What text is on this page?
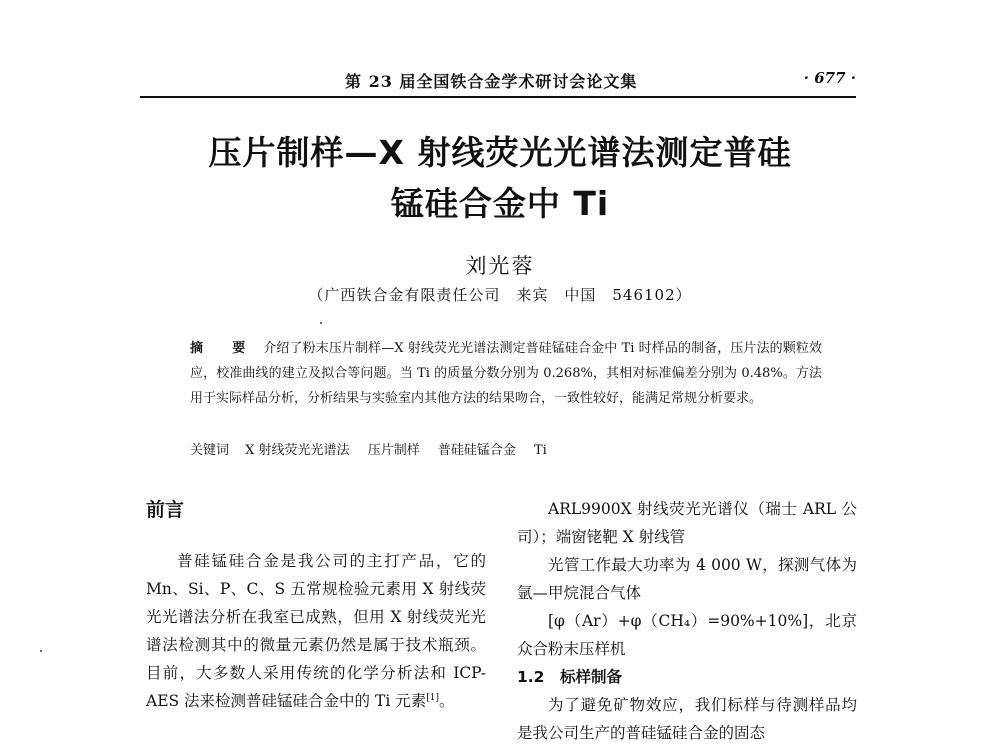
第 23 届全国铁合金学术研讨会论文集	· 677 ·
压片制样—X 射线荧光光谱法测定普硅
锰硅合金中 Ti
刘光蓉
（广西铁合金有限责任公司　来宾　中国　546102）
摘　要 介绍了粉末压片制样—X 射线荧光光谱法测定普硅锰硅合金中 Ti 时样品的制备，压片法的颗粒效应，校准曲线的建立及拟合等问题。当 Ti 的质量分数分别为 0.268%，其相对标准偏差分别为 0.48%。方法用于实际样品分析，分析结果与实验室内其他方法的结果吻合，一致性较好，能满足常规分析要求。
关键词 X 射线荧光光谱法 压片制样 普硅硅锰合金 Ti
前言

普硅锰硅合金是我公司的主打产品，它的 Mn、Si、P、C、S 五常规检验元素用 X 射线荧光光谱法分析在我室已成熟，但用 X 射线荧光光谱法检测其中的微量元素仍然是属于技术瓶颈。目前，大多数人采用传统的化学分析法和 ICP-AES 法来检测普硅锰硅合金中的 Ti 元素[1]。

ARL9900X 射线荧光光谱仪（瑞士 ARL 公司）；端窗铑靶 X 射线管

光管工作最大功率为 4 000 W，探测气体为氩—甲烷混合气体

[φ（Ar）+φ（CH₄）=90%+10%]，北京众合粉末压样机

1.2　标样制备

为了避免矿物效应，我们标样与待测样品均是我公司生产的普硅锰硅合金的固态
